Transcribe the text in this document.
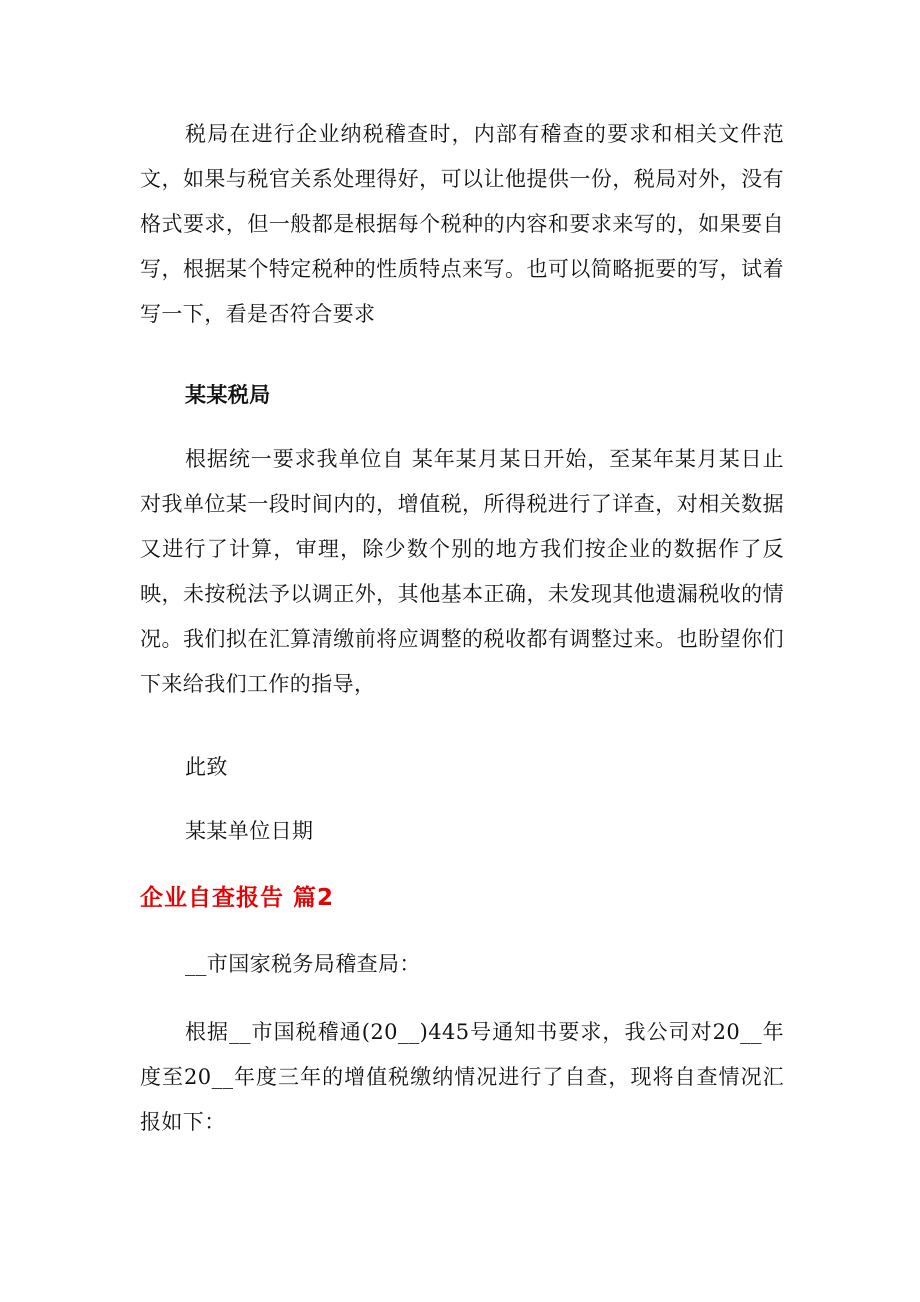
税局在进行企业纳税稽查时，内部有稽查的要求和相关文件范文，如果与税官关系处理得好，可以让他提供一份，税局对外，没有格式要求，但一般都是根据每个税种的内容和要求来写的，如果要自写，根据某个特定税种的性质特点来写。也可以简略扼要的写，试着写一下，看是否符合要求

某某税局

根据统一要求我单位自 某年某月某日开始，至某年某月某日止对我单位某一段时间内的，增值税，所得税进行了详查，对相关数据又进行了计算，审理，除少数个别的地方我们按企业的数据作了反映，未按税法予以调正外，其他基本正确，未发现其他遗漏税收的情况。我们拟在汇算清缴前将应调整的税收都有调整过来。也盼望你们下来给我们工作的指导，

此致

某某单位日期

企业自查报告 篇2

__市国家税务局稽查局：

根据__市国税稽通(20__)445号通知书要求，我公司对20__年度至20__年度三年的增值税缴纳情况进行了自查，现将自查情况汇报如下：
